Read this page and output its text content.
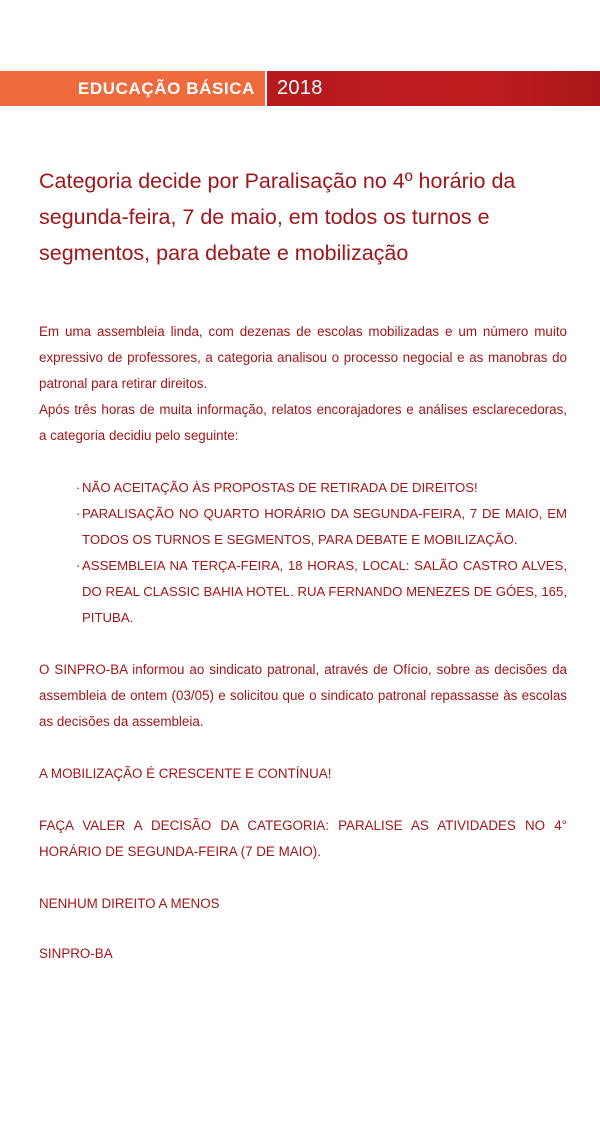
EDUCAÇÃO BÁSICA 2018
Categoria decide por Paralisação no 4º horário da segunda-feira, 7 de maio, em todos os turnos e segmentos, para debate e mobilização

Em uma assembleia linda, com dezenas de escolas mobilizadas e um número muito expressivo de professores, a categoria analisou o processo negocial e as manobras do patronal para retirar direitos.

Após três horas de muita informação, relatos encorajadores e análises esclarecedoras, a categoria decidiu pelo seguinte:

· NÃO ACEITAÇÃO ÀS PROPOSTAS DE RETIRADA DE DIREITOS!
· PARALISAÇÃO NO QUARTO HORÁRIO DA SEGUNDA-FEIRA, 7 DE MAIO, EM TODOS OS TURNOS E SEGMENTOS, PARA DEBATE E MOBILIZAÇÃO.
· ASSEMBLEIA NA TERÇA-FEIRA, 18 HORAS, LOCAL: SALÃO CASTRO ALVES, DO REAL CLASSIC BAHIA HOTEL. RUA FERNANDO MENEZES DE GÓES, 165, PITUBA.

O SINPRO-BA informou ao sindicato patronal, através de Ofício, sobre as decisões da assembleia de ontem (03/05) e solicitou que o sindicato patronal repassasse às escolas as decisões da assembleia.

A MOBILIZAÇÃO É CRESCENTE E CONTÍNUA!

FAÇA VALER A DECISÃO DA CATEGORIA: PARALISE AS ATIVIDADES NO 4° HORÁRIO DE SEGUNDA-FEIRA (7 DE MAIO).

NENHUM DIREITO A MENOS

SINPRO-BA
